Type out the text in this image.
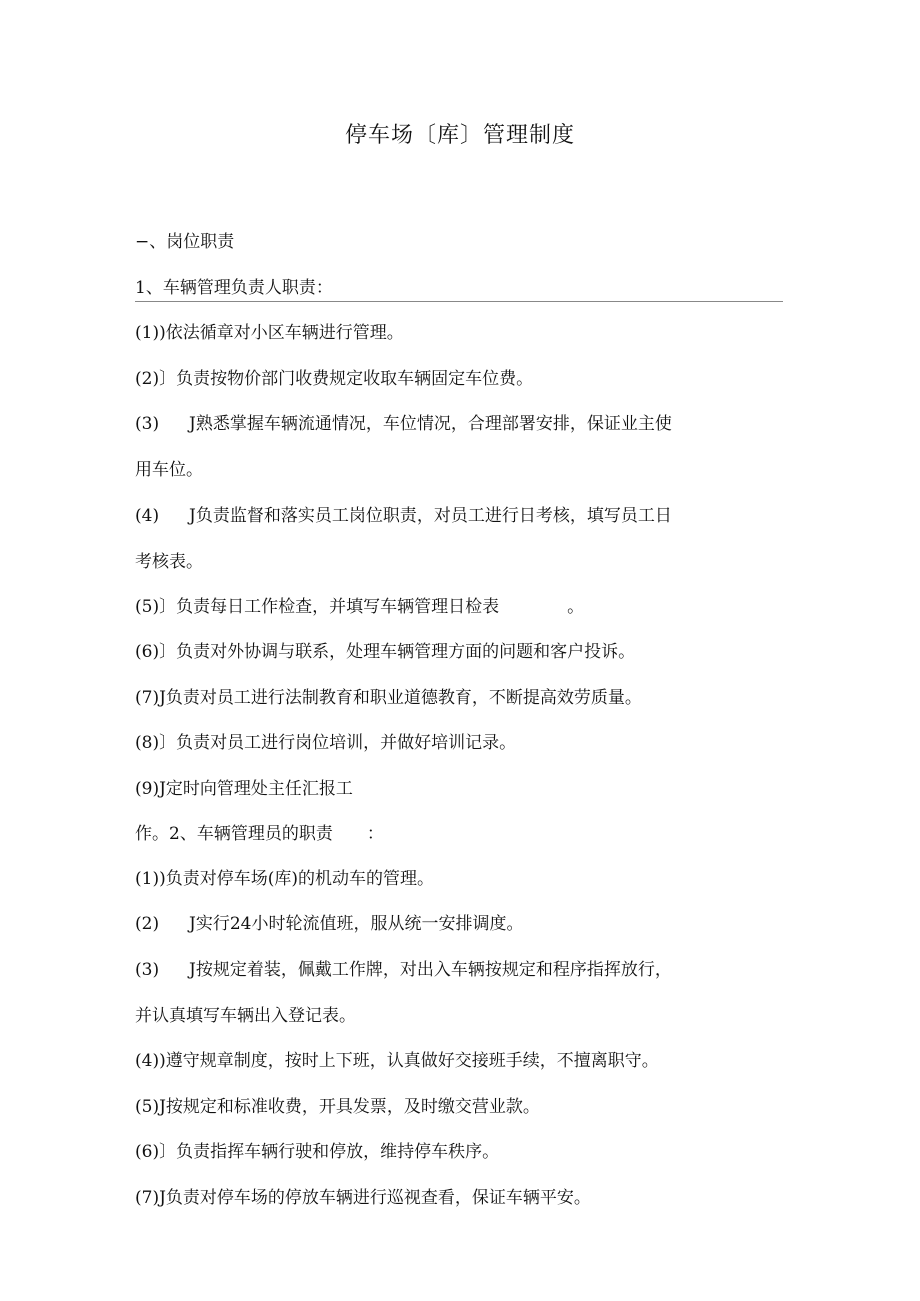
停车场〔库〕管理制度
−、岗位职责
1、车辆管理负责人职责：
(1))依法循章对小区车辆进行管理。
(2)〕负责按物价部门收费规定收取车辆固定车位费。
(3) J熟悉掌握车辆流通情况，车位情况，合理部署安排，保证业主使
用车位。
(4) J负责监督和落实员工岗位职责，对员工进行日考核，填写员工日
考核表。
(5)〕负责每日工作检查，并填写车辆管理日检表　　　　。
(6)〕负责对外协调与联系，处理车辆管理方面的问题和客户投诉。
(7)J负责对员工进行法制教育和职业道德教育，不断提高效劳质量。
(8)〕负责对员工进行岗位培训，并做好培训记录。
(9)J定时向管理处主任汇报工
作。2、车辆管理员的职责　　：
(1))负责对停车场(库)的机动车的管理。
(2) J实行24小时轮流值班，服从统一安排调度。
(3) J按规定着装，佩戴工作牌，对出入车辆按规定和程序指挥放行，
并认真填写车辆出入登记表。
(4))遵守规章制度，按时上下班，认真做好交接班手续，不擅离职守。
(5)J按规定和标准收费，开具发票，及时缴交营业款。
(6)〕负责指挥车辆行驶和停放，维持停车秩序。
(7)J负责对停车场的停放车辆进行巡视查看，保证车辆平安。
